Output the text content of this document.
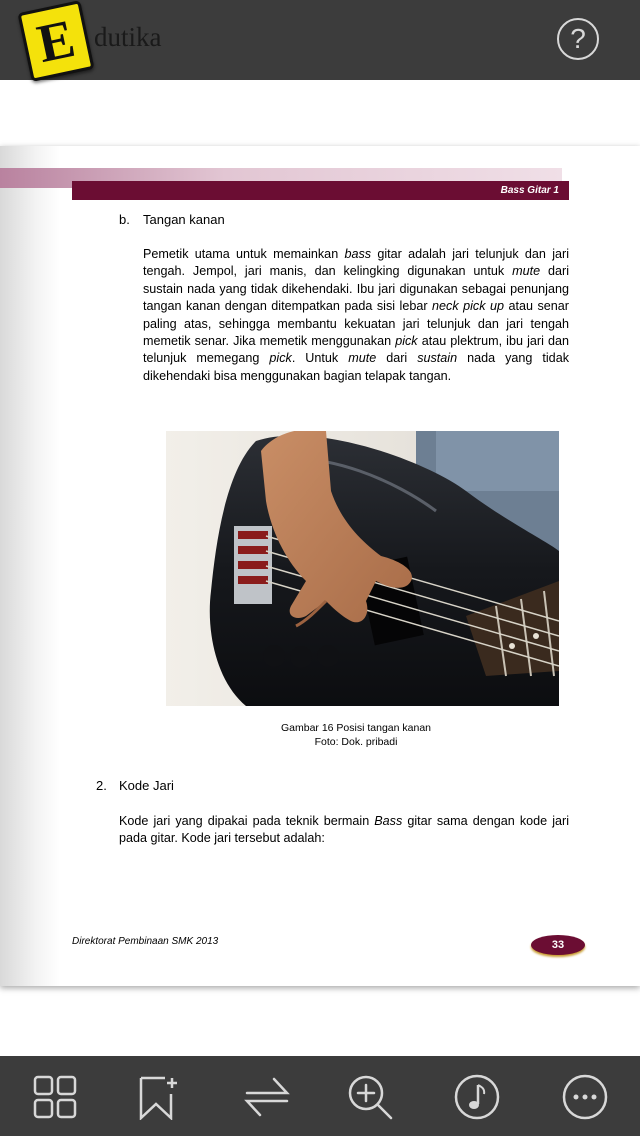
E dutika	?
Bass Gitar 1
b. Tangan kanan
Pemetik utama untuk memainkan bass gitar adalah jari telunjuk dan jari tengah. Jempol, jari manis, dan kelingking digunakan untuk mute dari sustain nada yang tidak dikehendaki. Ibu jari digunakan sebagai penunjang tangan kanan dengan ditempatkan pada sisi lebar neck pick up atau senar paling atas, sehingga membantu kekuatan jari telunjuk dan jari tengah memetik senar. Jika memetik menggunakan pick atau plektrum, ibu jari dan telunjuk memegang pick. Untuk mute dari sustain nada yang tidak dikehendaki bisa menggunakan bagian telapak tangan.
Gambar 16 Posisi tangan kanan
Foto: Dok. pribadi
2. Kode Jari
Kode jari yang dipakai pada teknik bermain Bass gitar sama dengan kode jari pada gitar. Kode jari tersebut adalah:
Direktorat Pembinaan SMK 2013	33
